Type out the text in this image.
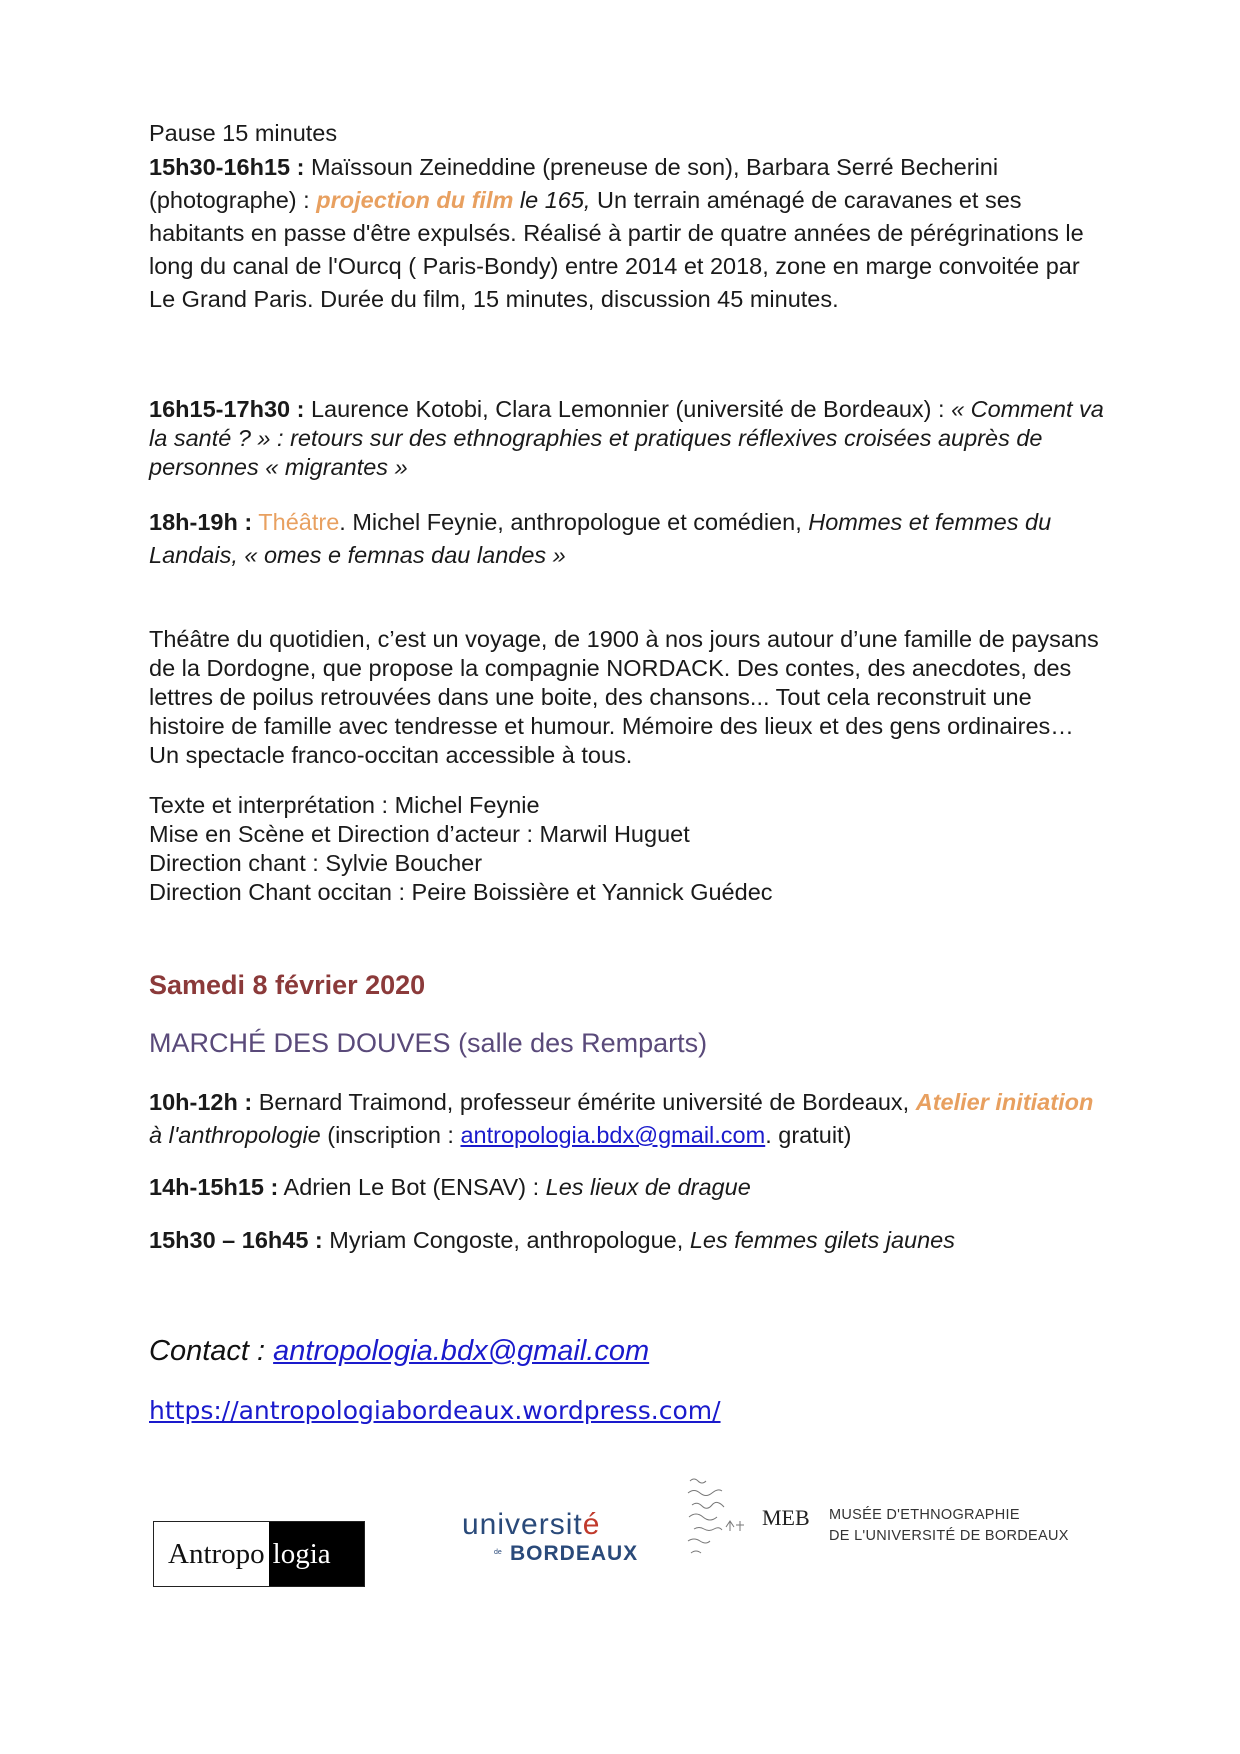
Pause 15 minutes
15h30-16h15 : Maïssoun Zeineddine (preneuse de son), Barbara Serré Becherini (photographe) : projection du film le 165, Un terrain aménagé de caravanes et ses habitants en passe d'être expulsés. Réalisé à partir de quatre années de pérégrinations le long du canal de l'Ourcq ( Paris-Bondy) entre 2014 et 2018, zone en marge convoitée par Le Grand Paris. Durée du film, 15 minutes, discussion 45 minutes.
16h15-17h30 : Laurence Kotobi, Clara Lemonnier (université de Bordeaux) : « Comment va la santé ? » : retours sur des ethnographies et pratiques réflexives croisées auprès de personnes « migrantes »
18h-19h : Théâtre. Michel Feynie, anthropologue et comédien, Hommes et femmes du Landais, « omes e femnas dau landes »
Théâtre du quotidien, c’est un voyage, de 1900 à nos jours autour d’une famille de paysans de la Dordogne, que propose la compagnie NORDACK. Des contes, des anecdotes, des lettres de poilus retrouvées dans une boite, des chansons... Tout cela reconstruit une histoire de famille avec tendresse et humour. Mémoire des lieux et des gens ordinaires… Un spectacle franco-occitan accessible à tous.
Texte et interprétation : Michel Feynie
Mise en Scène et Direction d’acteur : Marwil Huguet
Direction chant : Sylvie Boucher
Direction Chant occitan : Peire Boissière et Yannick Guédec
Samedi 8 février 2020
MARCHÉ DES DOUVES (salle des Remparts)
10h-12h : Bernard Traimond, professeur émérite université de Bordeaux, Atelier initiation à l'anthropologie (inscription : antropologia.bdx@gmail.com. gratuit)
14h-15h15 : Adrien Le Bot (ENSAV) : Les lieux de drague
15h30 – 16h45 : Myriam Congoste, anthropologue, Les femmes gilets jaunes
Contact : antropologia.bdx@gmail.com
https://antropologiabordeaux.wordpress.com/
Antropo logia
université
de BORDEAUX
MEB MUSÉE D'ETHNOGRAPHIE
DE L'UNIVERSITÉ DE BORDEAUX
